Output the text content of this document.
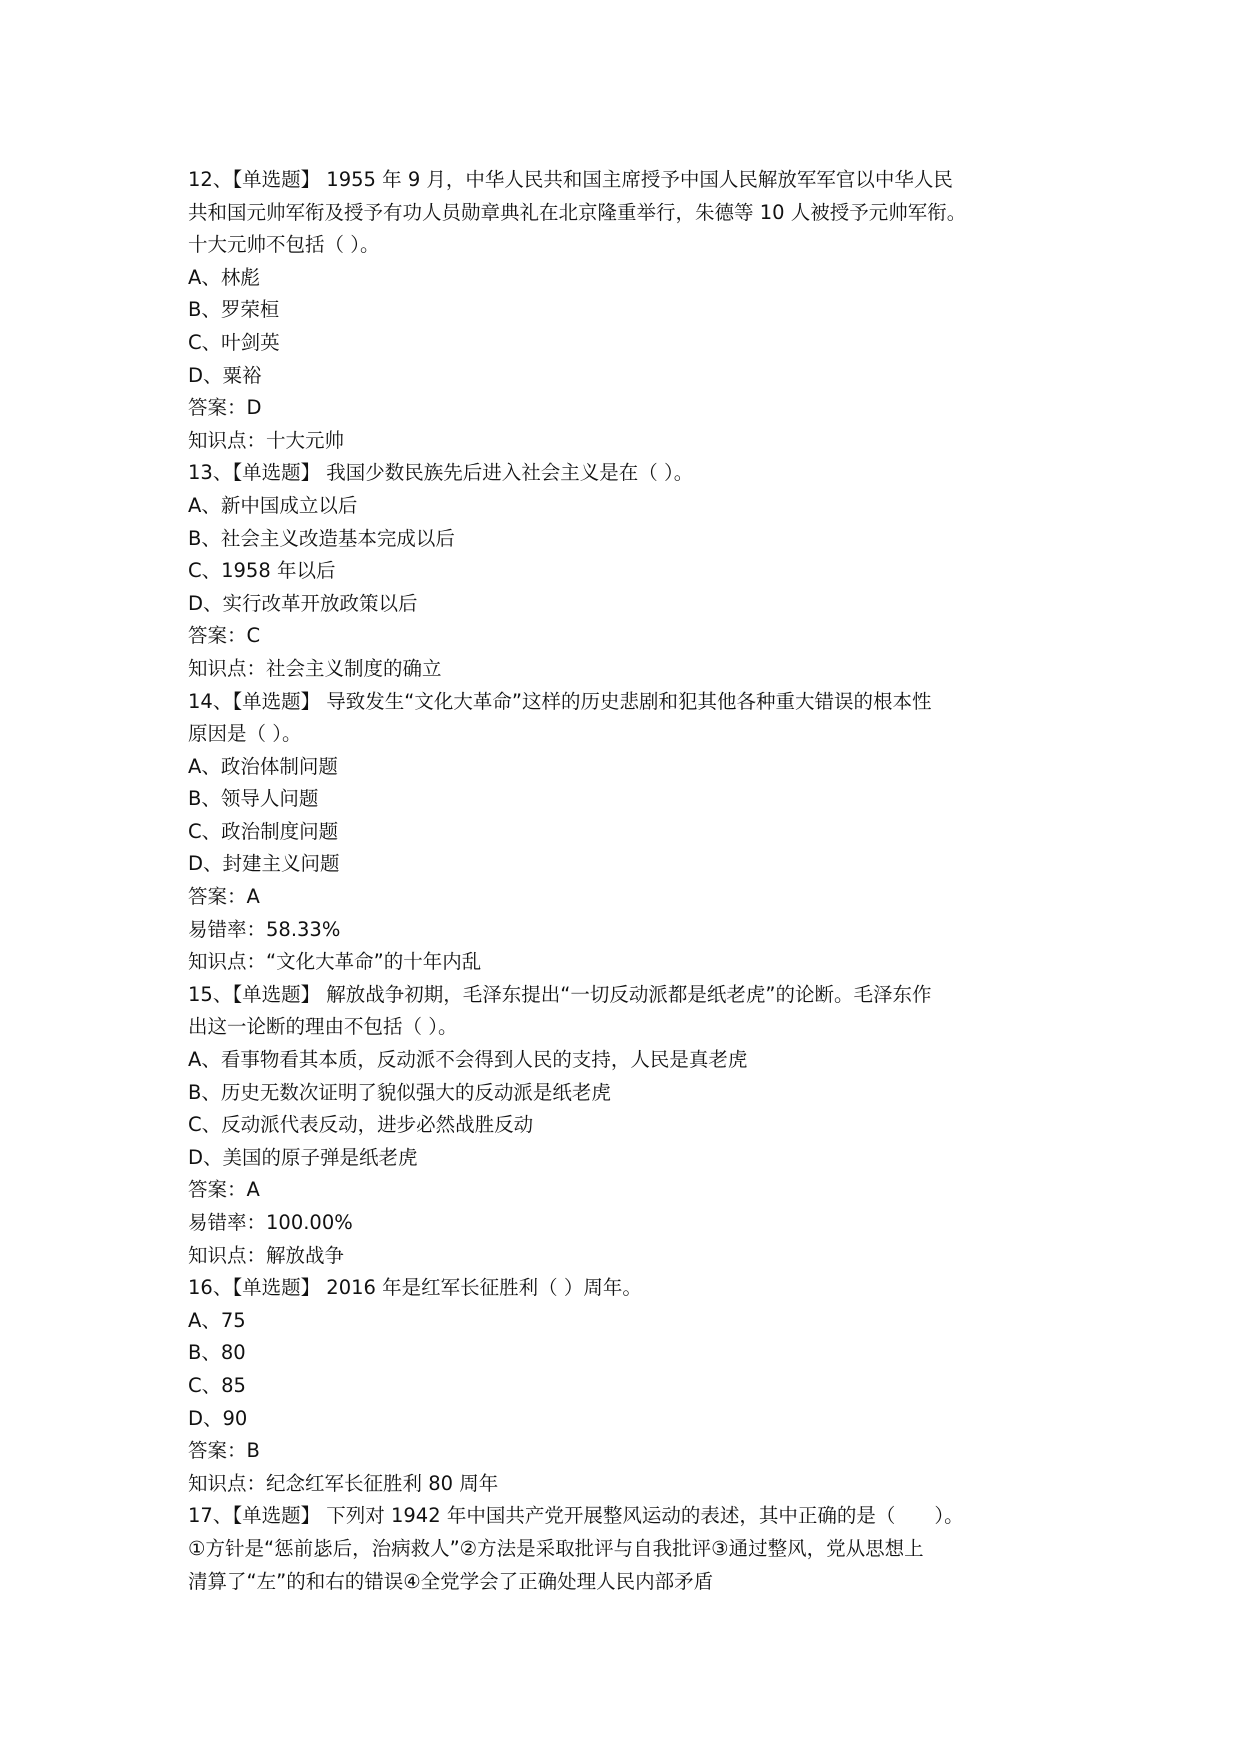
12、【单选题】 1955 年 9 月，中华人民共和国主席授予中国人民解放军军官以中华人民

共和国元帅军衔及授予有功人员勋章典礼在北京隆重举行，朱德等 10 人被授予元帅军衔。

十大元帅不包括（ ）。

A、林彪

B、罗荣桓

C、叶剑英

D、粟裕

答案：D

知识点：十大元帅

13、【单选题】 我国少数民族先后进入社会主义是在（ ）。

A、新中国成立以后

B、社会主义改造基本完成以后

C、1958 年以后

D、实行改革开放政策以后

答案：C

知识点：社会主义制度的确立

14、【单选题】 导致发生“文化大革命”这样的历史悲剧和犯其他各种重大错误的根本性

原因是（ ）。

A、政治体制问题

B、领导人问题

C、政治制度问题

D、封建主义问题

答案：A

易错率：58.33%

知识点：“文化大革命”的十年内乱

15、【单选题】 解放战争初期，毛泽东提出“一切反动派都是纸老虎”的论断。毛泽东作

出这一论断的理由不包括（ ）。

A、看事物看其本质，反动派不会得到人民的支持，人民是真老虎

B、历史无数次证明了貌似强大的反动派是纸老虎

C、反动派代表反动，进步必然战胜反动

D、美国的原子弹是纸老虎

答案：A

易错率：100.00%

知识点：解放战争

16、【单选题】 2016 年是红军长征胜利（ ）周年。

A、75

B、80

C、85

D、90

答案：B

知识点：纪念红军长征胜利 80 周年

17、【单选题】 下列对 1942 年中国共产党开展整风运动的表述，其中正确的是（　　）。

①方针是“惩前毖后，治病救人”②方法是采取批评与自我批评③通过整风，党从思想上

清算了“左”的和右的错误④全党学会了正确处理人民内部矛盾
